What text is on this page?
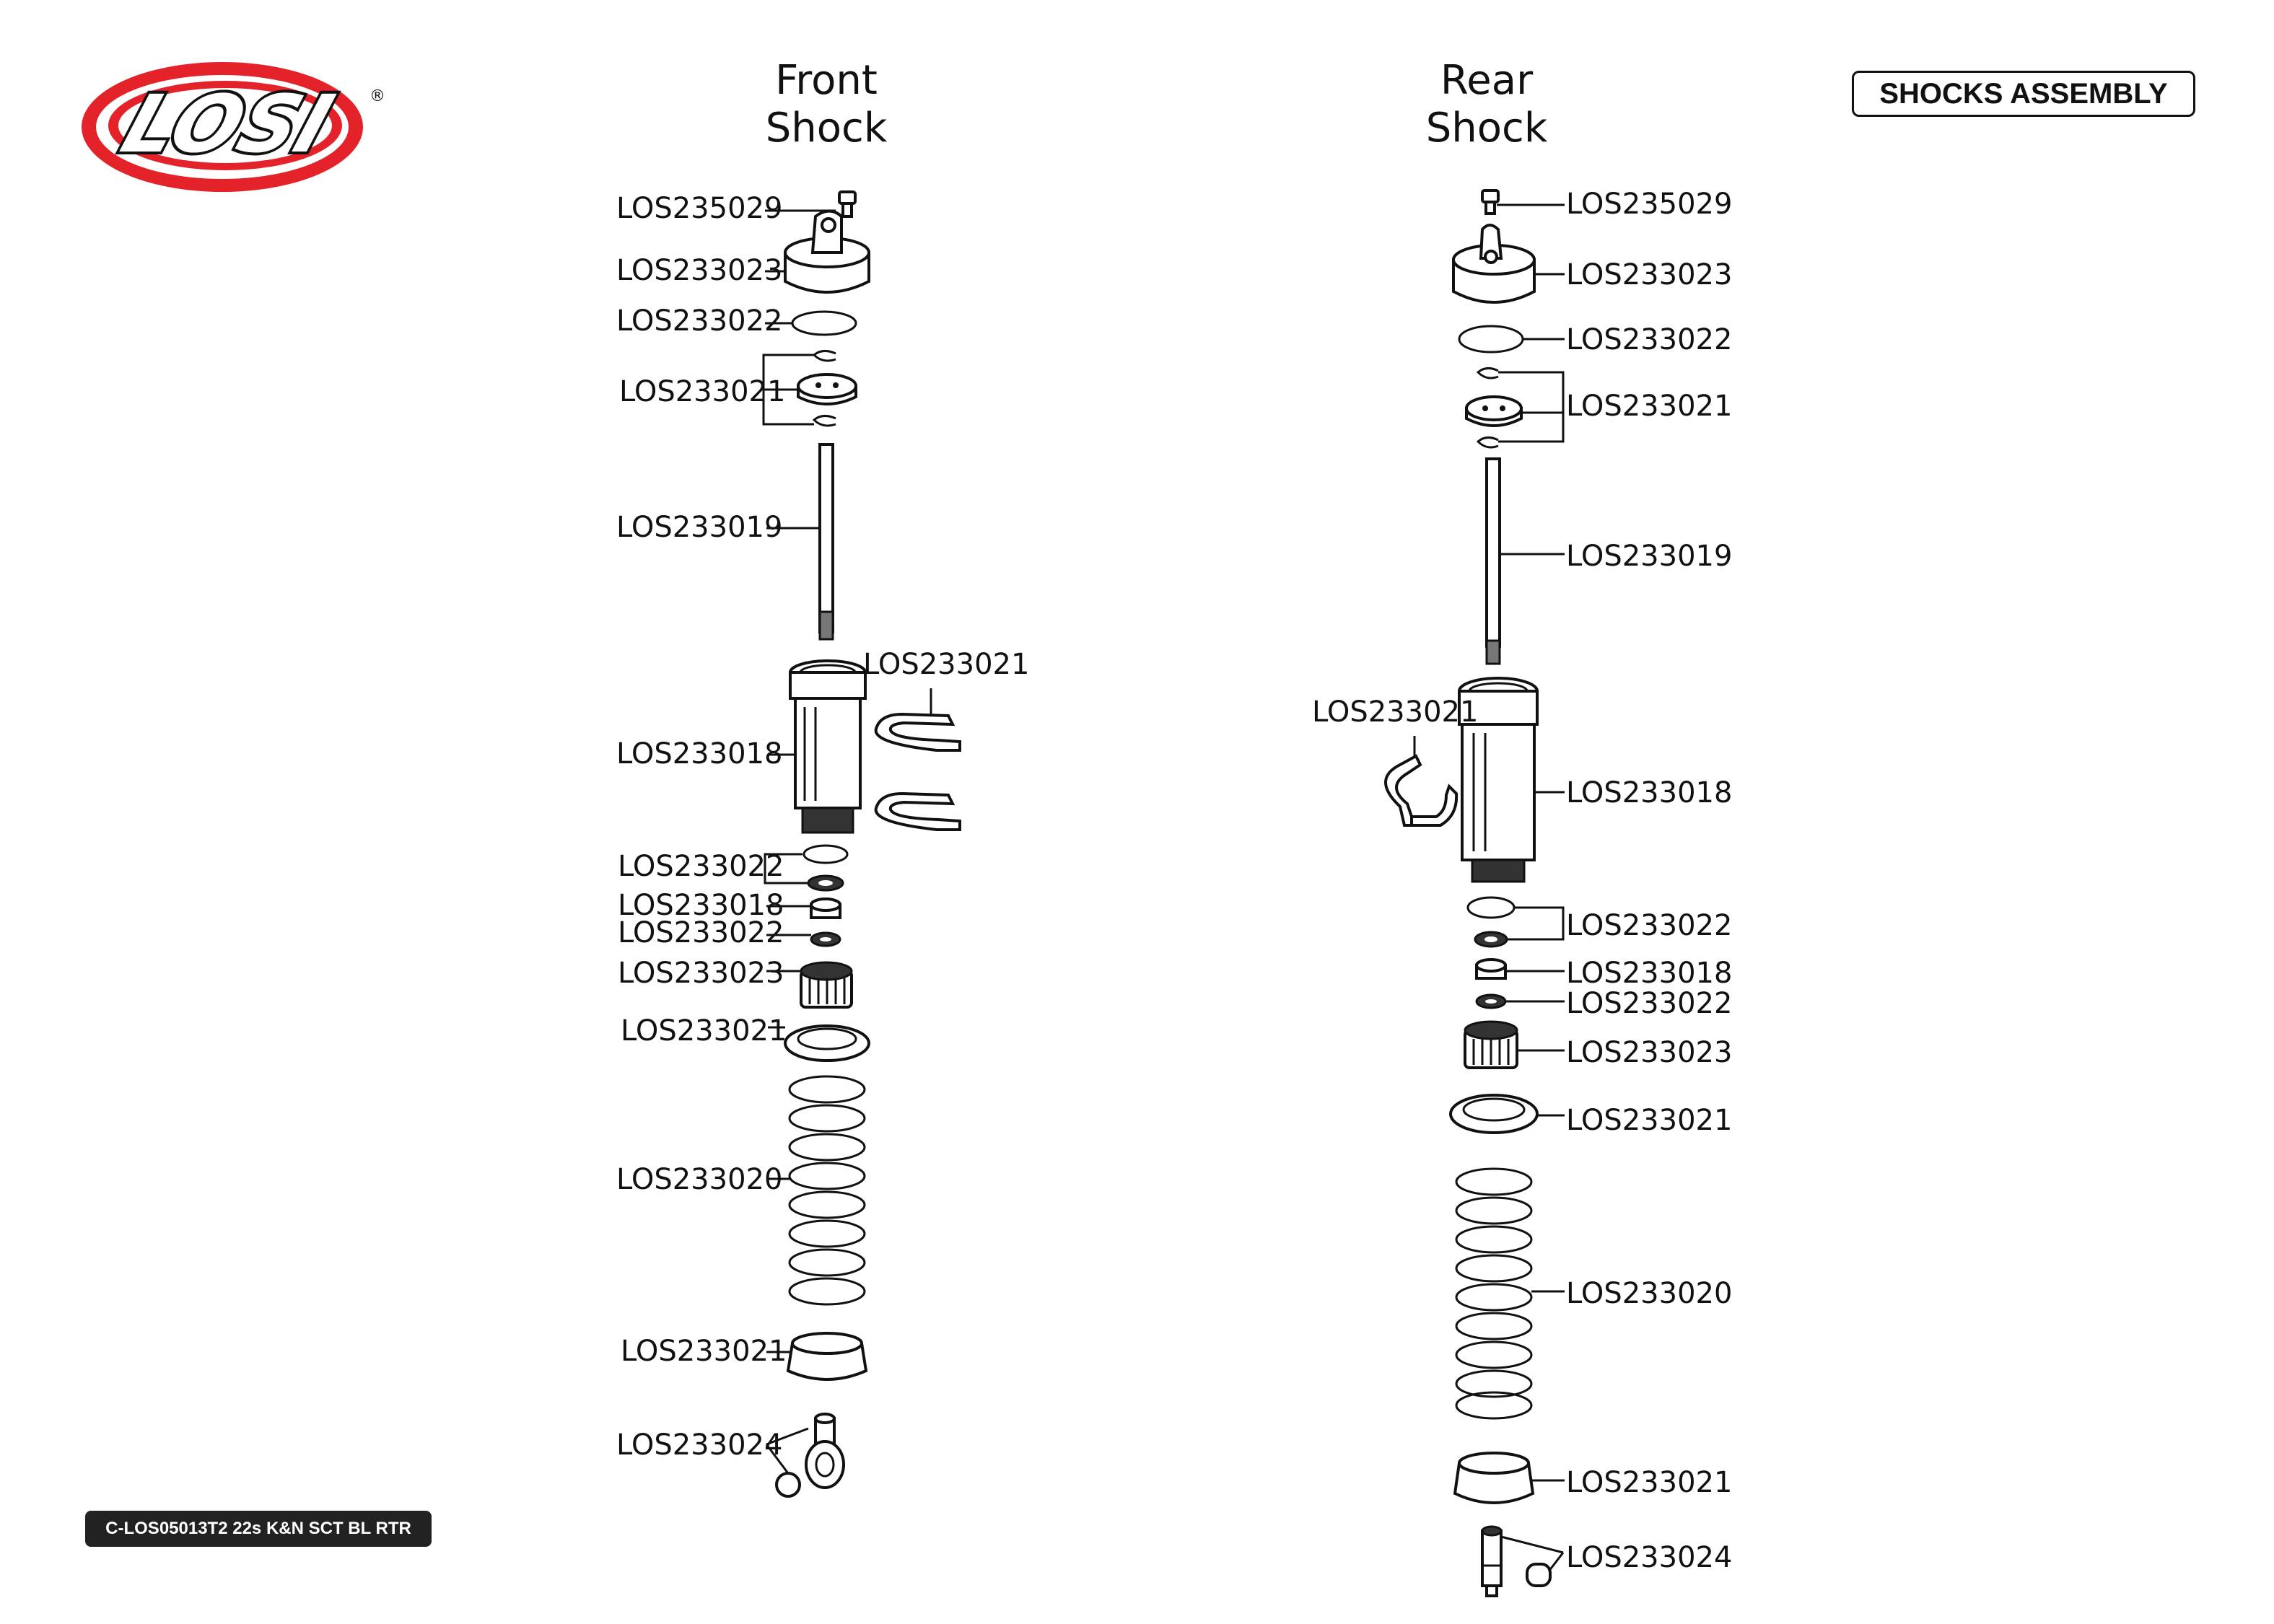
LOSI ®	Front
Shock
Rear
Shock
LOS235029
LOS233023
LOS233022
LOS233021
LOS233019
LOS233021
LOS233018
LOS233022
LOS233018
LOS233022
LOS233023
LOS233021
LOS233020
LOS233021
LOS233024
LOS235029
LOS233023
LOS233022
LOS233021
LOS233019
LOS233021
LOS233018
LOS233022
LOS233018
LOS233022
LOS233023
LOS233021
LOS233020
LOS233021
LOS233024
SHOCKS ASSEMBLY
C-LOS05013T2 22s K&N SCT BL RTR
